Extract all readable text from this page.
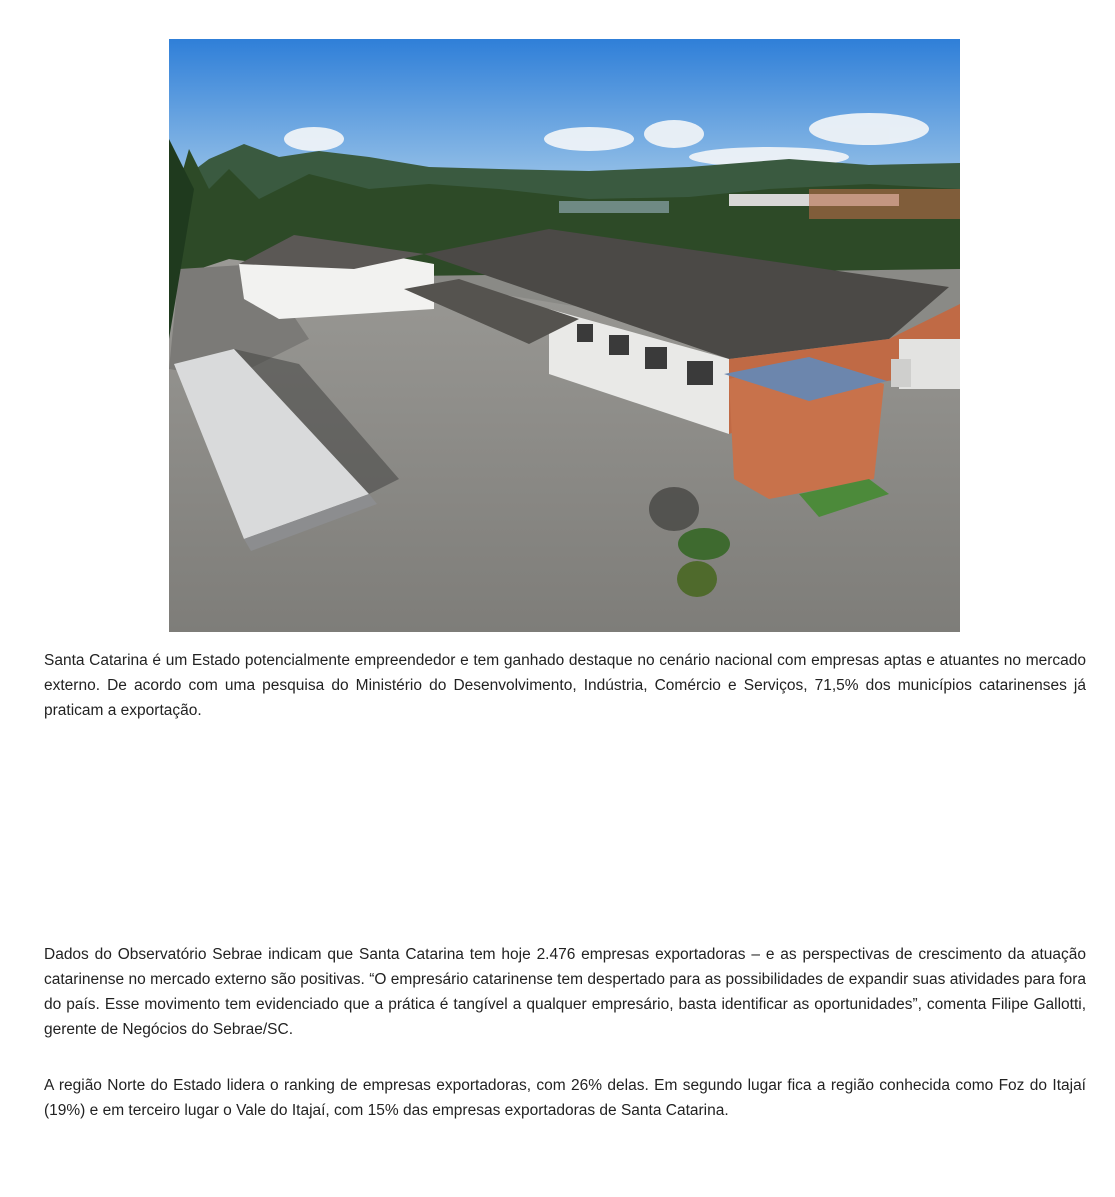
Santa Catarina é um Estado potencialmente empreendedor e tem ganhado destaque no cenário nacional com empresas aptas e atuantes no mercado externo. De acordo com uma pesquisa do Ministério do Desenvolvimento, Indústria, Comércio e Serviços, 71,5% dos municípios catarinenses já praticam a exportação.

Dados do Observatório Sebrae indicam que Santa Catarina tem hoje 2.476 empresas exportadoras – e as perspectivas de crescimento da atuação catarinense no mercado externo são positivas. “O empresário catarinense tem despertado para as possibilidades de expandir suas atividades para fora do país. Esse movimento tem evidenciado que a prática é tangível a qualquer empresário, basta identificar as oportunidades”, comenta Filipe Gallotti, gerente de Negócios do Sebrae/SC.

A região Norte do Estado lidera o ranking de empresas exportadoras, com 26% delas. Em segundo lugar fica a região conhecida como Foz do Itajaí (19%) e em terceiro lugar o Vale do Itajaí, com 15% das empresas exportadoras de Santa Catarina.
